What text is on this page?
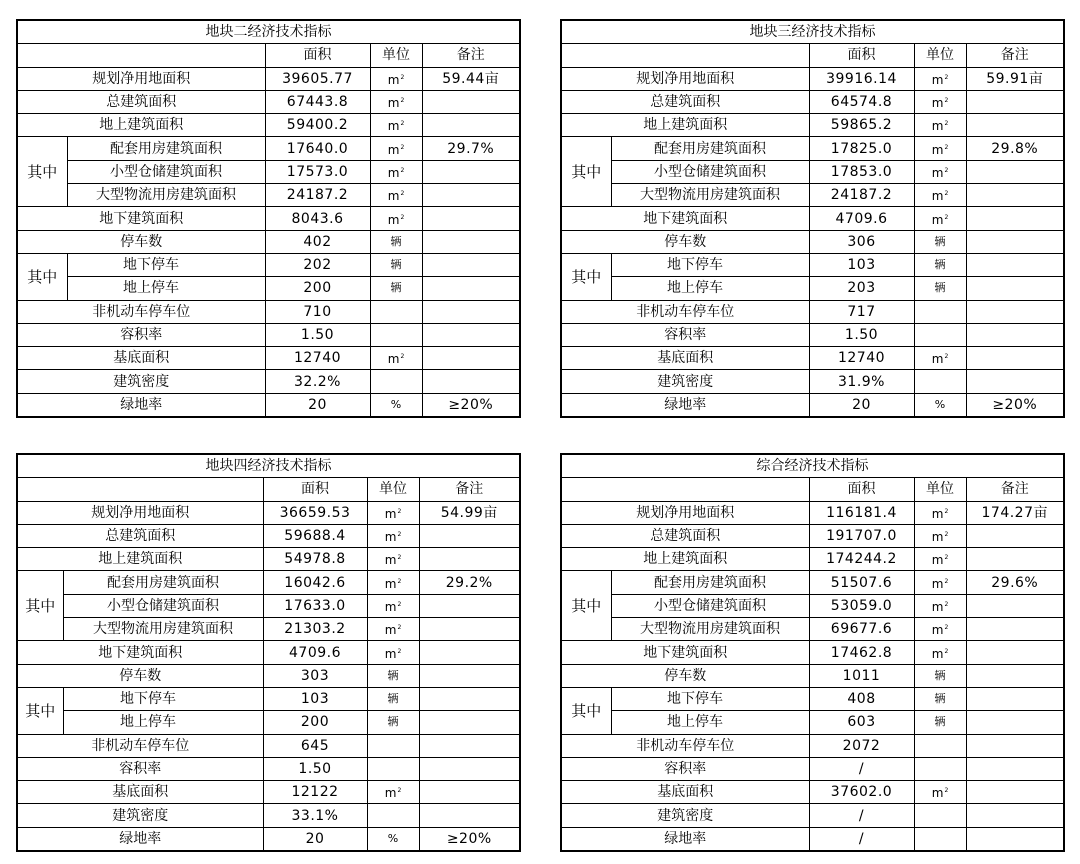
地块二经济技术指标				
		面积	单位	备注
规划净用地面积		39605.77	$m^2$	59.44亩
总建筑面积		67443.8	$m^2$	
地上建筑面积		59400.2	$m^2$	
其中	配套用房建筑面积	17640.0	$m^2$	29.7%
	小型仓储建筑面积	17573.0	$m^2$	
	大型物流用房建筑面积	24187.2	$m^2$	
地下建筑面积		8043.6	$m^2$	
停车数		402	辆	
其中	地下停车	202	辆	
	地上停车	200	辆	
非机动车停车位		710		
容积率		1.50		
基底面积		12740	$m^2$	
建筑密度		32.2%		
绿地率		20	%	≥20%
地块三经济技术指标				
		面积	单位	备注
规划净用地面积		39916.14	$m^2$	59.91亩
总建筑面积		64574.8	$m^2$	
地上建筑面积		59865.2	$m^2$	
其中	配套用房建筑面积	17825.0	$m^2$	29.8%
	小型仓储建筑面积	17853.0	$m^2$	
	大型物流用房建筑面积	24187.2	$m^2$	
地下建筑面积		4709.6	$m^2$	
停车数		306	辆	
其中	地下停车	103	辆	
	地上停车	203	辆	
非机动车停车位		717		
容积率		1.50		
基底面积		12740	$m^2$	
建筑密度		31.9%		
绿地率		20	%	≥20%
地块四经济技术指标				
		面积	单位	备注
规划净用地面积		36659.53	$m^2$	54.99亩
总建筑面积		59688.4	$m^2$	
地上建筑面积		54978.8	$m^2$	
其中	配套用房建筑面积	16042.6	$m^2$	29.2%
	小型仓储建筑面积	17633.0	$m^2$	
	大型物流用房建筑面积	21303.2	$m^2$	
地下建筑面积		4709.6	$m^2$	
停车数		303	辆	
其中	地下停车	103	辆	
	地上停车	200	辆	
非机动车停车位		645		
容积率		1.50		
基底面积		12122	$m^2$	
建筑密度		33.1%		
绿地率		20	%	≥20%
综合经济技术指标				
		面积	单位	备注
规划净用地面积		116181.4	$m^2$	174.27亩
总建筑面积		191707.0	$m^2$	
地上建筑面积		174244.2	$m^2$	
其中	配套用房建筑面积	51507.6	$m^2$	29.6%
	小型仓储建筑面积	53059.0	$m^2$	
	大型物流用房建筑面积	69677.6	$m^2$	
地下建筑面积		17462.8	$m^2$	
停车数		1011	辆	
其中	地下停车	408	辆	
	地上停车	603	辆	
非机动车停车位		2072		
容积率		/		
基底面积		37602.0	$m^2$	
建筑密度		/		
绿地率		/		
